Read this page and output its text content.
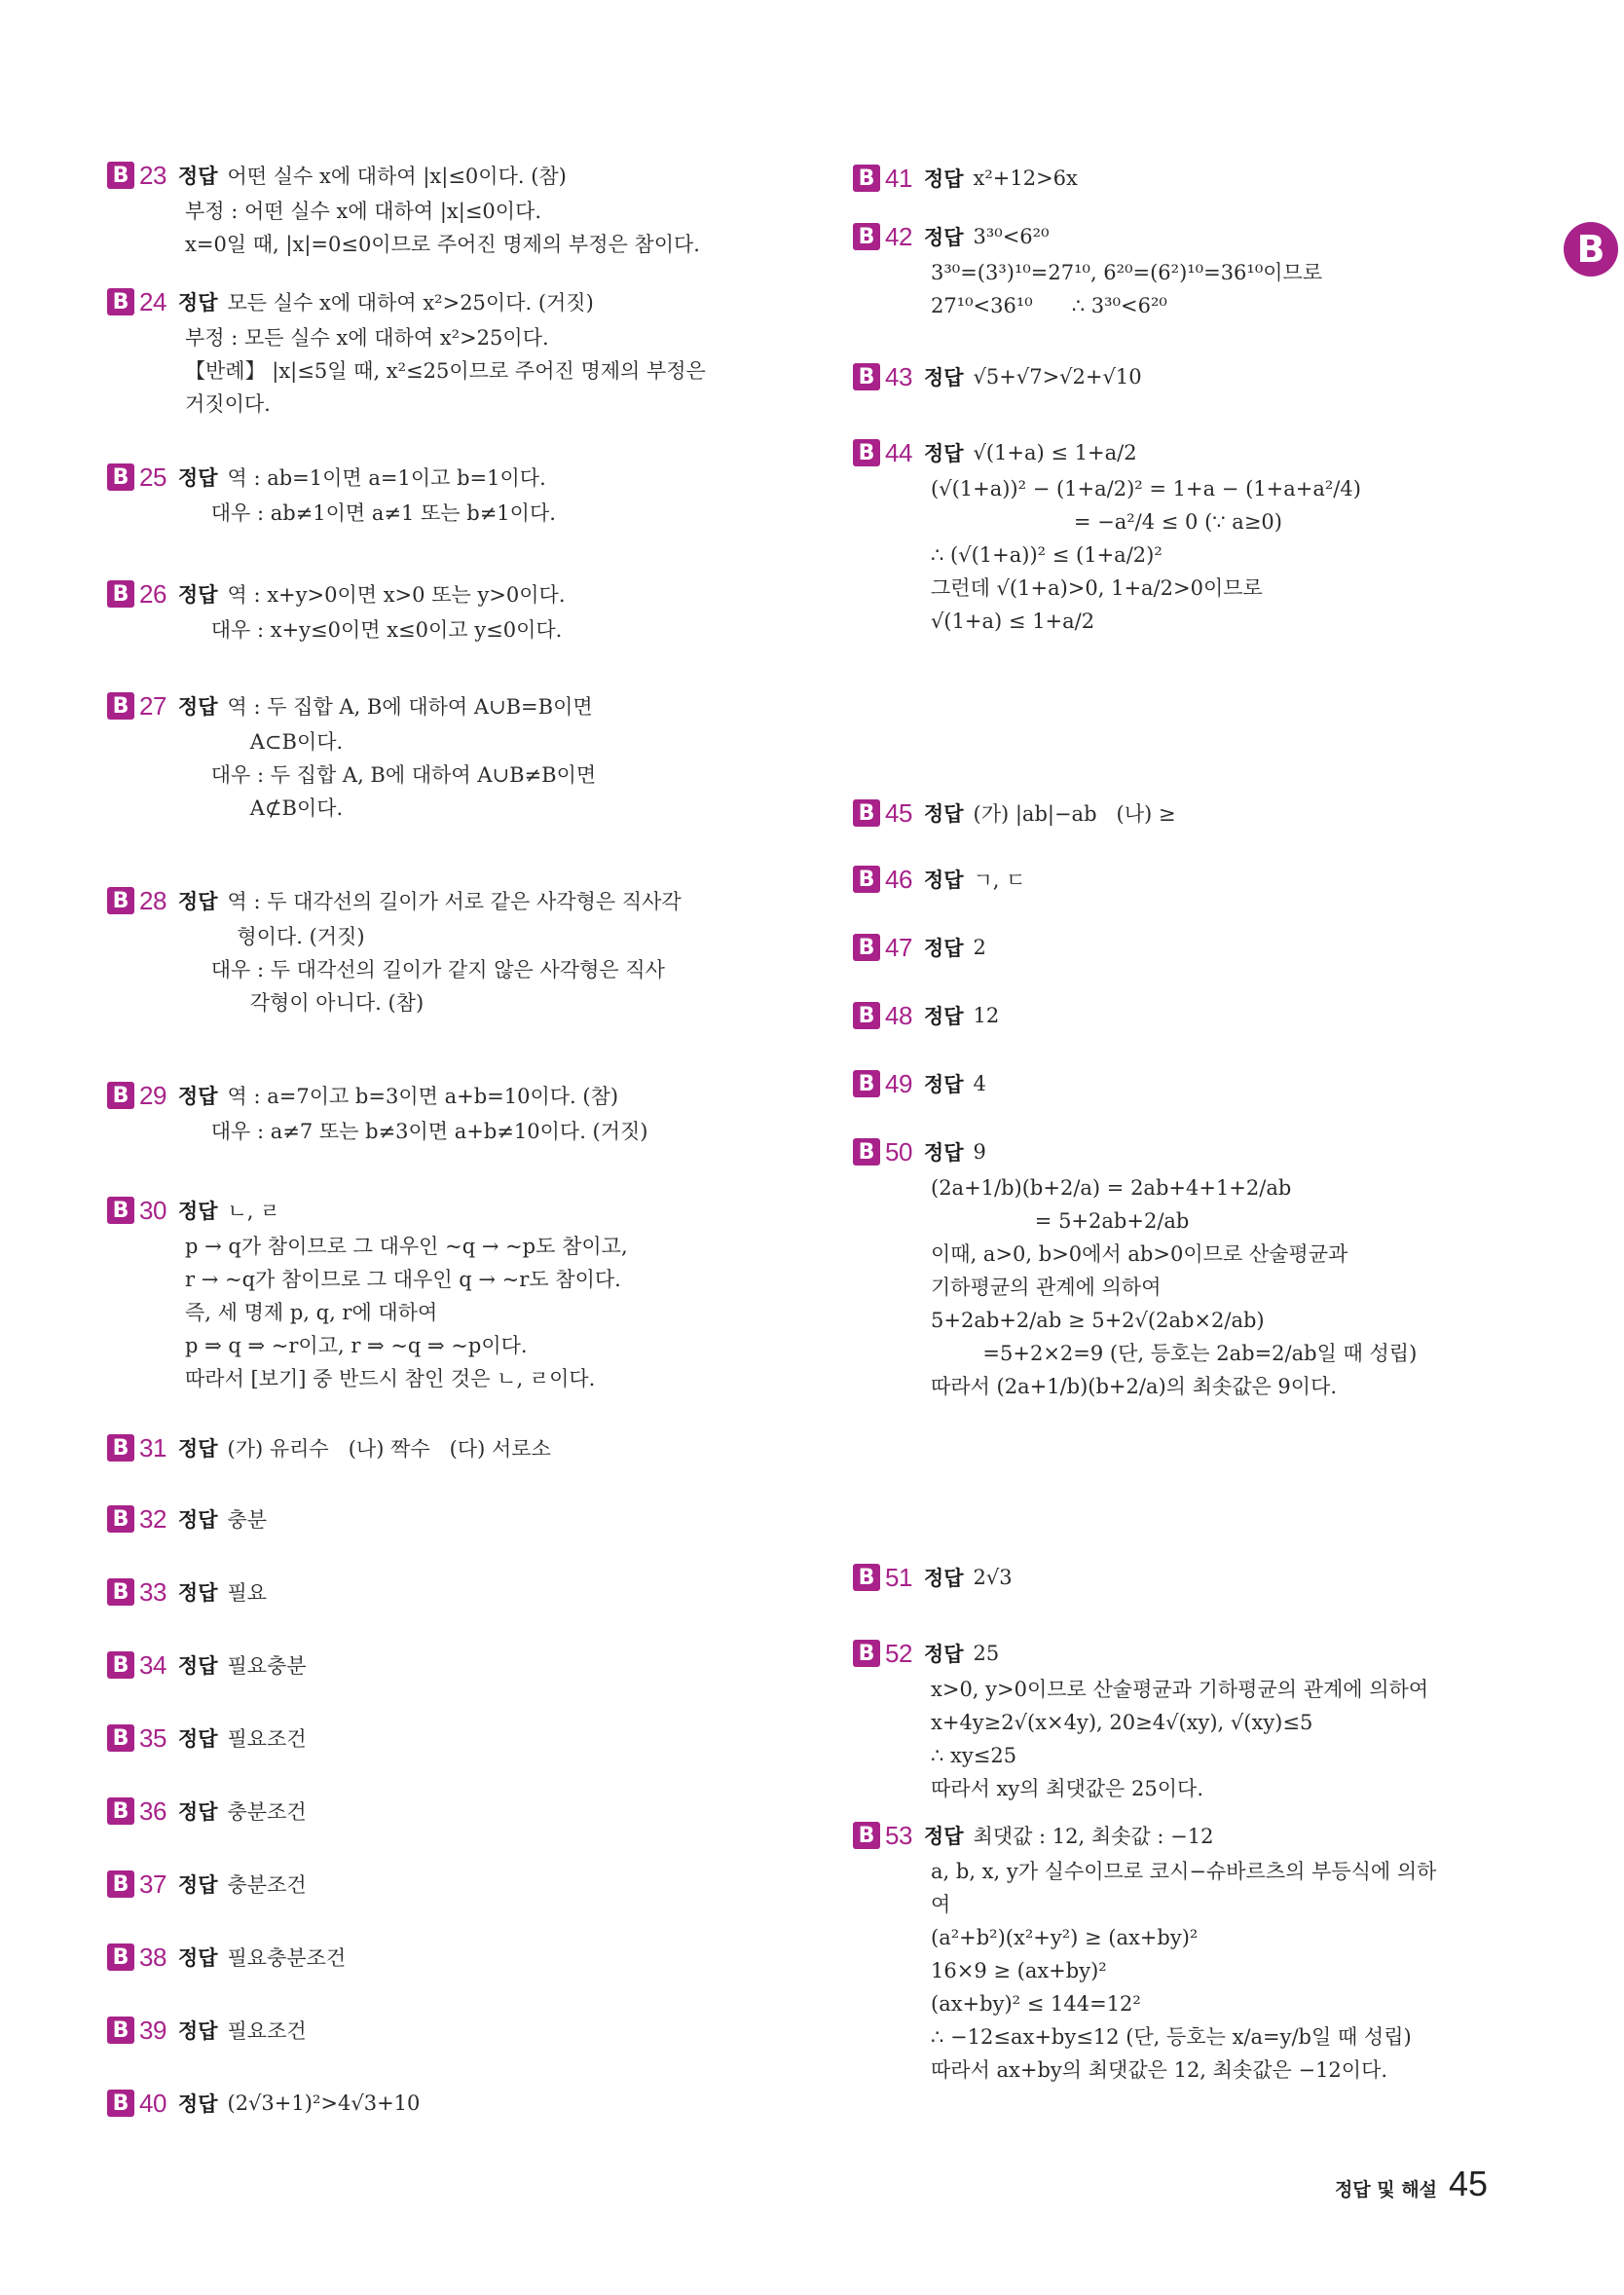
B 23 정답 어떤 실수 x에 대하여 |x|≤0이다. (참)
부정 : 어떤 실수 x에 대하여 |x|≤0이다.
x=0일 때, |x|=0≤0이므로 주어진 명제의 부정은 참이다.
B 24 정답 모든 실수 x에 대하여 x²>25이다. (거짓)
부정 : 모든 실수 x에 대하여 x²>25이다.
【반례】 |x|≤5일 때, x²≤25이므로 주어진 명제의 부정은
거짓이다.
B 25 정답 역 : ab=1이면 a=1이고 b=1이다.
대우 : ab≠1이면 a≠1 또는 b≠1이다.
B 26 정답 역 : x+y>0이면 x>0 또는 y>0이다.
대우 : x+y≤0이면 x≤0이고 y≤0이다.
B 27 정답 역 : 두 집합 A, B에 대하여 A∪B=B이면
A⊂B이다.
대우 : 두 집합 A, B에 대하여 A∪B≠B이면
A⊄B이다.
B 28 정답 역 : 두 대각선의 길이가 서로 같은 사각형은 직사각
형이다. (거짓)
대우 : 두 대각선의 길이가 같지 않은 사각형은 직사
각형이 아니다. (참)
B 29 정답 역 : a=7이고 b=3이면 a+b=10이다. (참)
대우 : a≠7 또는 b≠3이면 a+b≠10이다. (거짓)
B 30 정답 ㄴ, ㄹ
p → q가 참이므로 그 대우인 ~q → ~p도 참이고,
r → ~q가 참이므로 그 대우인 q → ~r도 참이다.
즉, 세 명제 p, q, r에 대하여
p ⇒ q ⇒ ~r이고, r ⇒ ~q ⇒ ~p이다.
따라서 [보기] 중 반드시 참인 것은 ㄴ, ㄹ이다.
B 31 정답 (가) 유리수   (나) 짝수   (다) 서로소
B 32 정답 충분
B 33 정답 필요
B 34 정답 필요충분
B 35 정답 필요조건
B 36 정답 충분조건
B 37 정답 충분조건
B 38 정답 필요충분조건
B 39 정답 필요조건
B 40 정답 (2√3+1)²>4√3+10
B 41 정답 x²+12>6x
B 42 정답 3³⁰<6²⁰
3³⁰=(3³)¹⁰=27¹⁰, 6²⁰=(6²)¹⁰=36¹⁰이므로
27¹⁰<36¹⁰      ∴ 3³⁰<6²⁰
B 43 정답 √5+√7>√2+√10
B 44 정답 √(1+a) ≤ 1+a/2
(√(1+a))² − (1+a/2)² = 1+a − (1+a+a²/4)
= −a²/4 ≤ 0 (∵ a≥0)
∴ (√(1+a))² ≤ (1+a/2)²
그런데 √(1+a)>0, 1+a/2>0이므로
√(1+a) ≤ 1+a/2
B 45 정답 (가) |ab|−ab   (나) ≥
B 46 정답 ㄱ, ㄷ
B 47 정답 2
B 48 정답 12
B 49 정답 4
B 50 정답 9
(2a+1/b)(b+2/a) = 2ab+4+1+2/ab
= 5+2ab+2/ab
이때, a>0, b>0에서 ab>0이므로 산술평균과
기하평균의 관계에 의하여
5+2ab+2/ab ≥ 5+2√(2ab×2/ab)
=5+2×2=9 (단, 등호는 2ab=2/ab일 때 성립)
따라서 (2a+1/b)(b+2/a)의 최솟값은 9이다.
B 51 정답 2√3
B 52 정답 25
x>0, y>0이므로 산술평균과 기하평균의 관계에 의하여
x+4y≥2√(x×4y), 20≥4√(xy), √(xy)≤5
∴ xy≤25
따라서 xy의 최댓값은 25이다.
B 53 정답 최댓값 : 12, 최솟값 : −12
a, b, x, y가 실수이므로 코시−슈바르츠의 부등식에 의하
여
(a²+b²)(x²+y²) ≥ (ax+by)²
16×9 ≥ (ax+by)²
(ax+by)² ≤ 144=12²
∴ −12≤ax+by≤12 (단, 등호는 x/a=y/b일 때 성립)
따라서 ax+by의 최댓값은 12, 최솟값은 −12이다.
B
정답 및 해설 45
